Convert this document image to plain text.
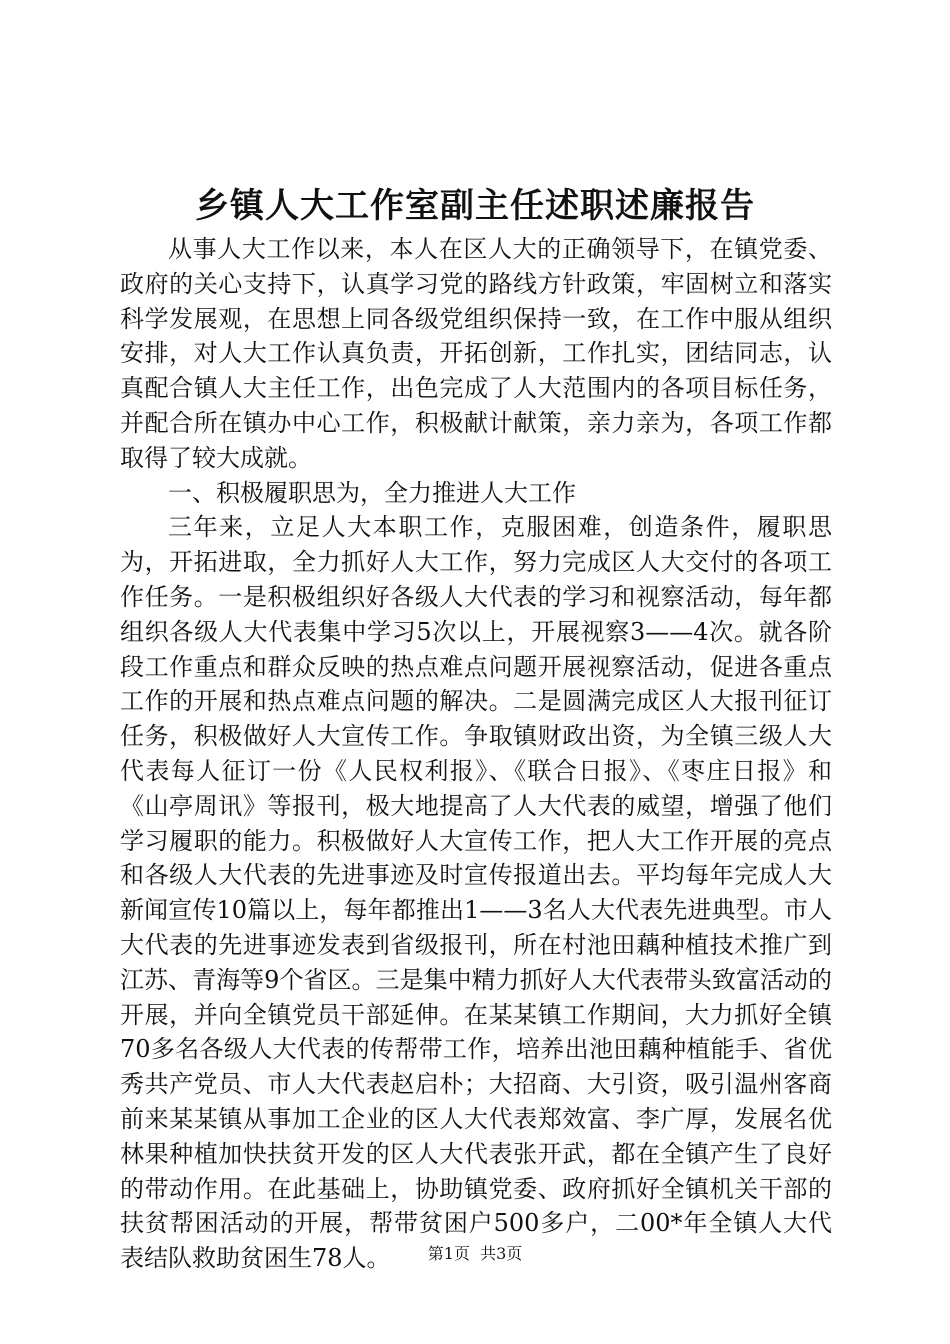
乡镇人大工作室副主任述职述廉报告

从事人大工作以来，本人在区人大的正确领导下，在镇党委、政府的关心支持下，认真学习党的路线方针政策，牢固树立和落实科学发展观，在思想上同各级党组织保持一致，在工作中服从组织安排，对人大工作认真负责，开拓创新，工作扎实，团结同志，认真配合镇人大主任工作，出色完成了人大范围内的各项目标任务，并配合所在镇办中心工作，积极献计献策，亲力亲为，各项工作都取得了较大成就。

一、积极履职思为，全力推进人大工作

三年来，立足人大本职工作，克服困难，创造条件，履职思为，开拓进取，全力抓好人大工作，努力完成区人大交付的各项工作任务。一是积极组织好各级人大代表的学习和视察活动，每年都组织各级人大代表集中学习5次以上，开展视察3——4次。就各阶段工作重点和群众反映的热点难点问题开展视察活动，促进各重点工作的开展和热点难点问题的解决。二是圆满完成区人大报刊征订任务，积极做好人大宣传工作。争取镇财政出资，为全镇三级人大代表每人征订一份《人民权利报》、《联合日报》、《枣庄日报》和《山亭周讯》等报刊，极大地提高了人大代表的威望，增强了他们学习履职的能力。积极做好人大宣传工作，把人大工作开展的亮点和各级人大代表的先进事迹及时宣传报道出去。平均每年完成人大新闻宣传10篇以上，每年都推出1——3名人大代表先进典型。市人大代表的先进事迹发表到省级报刊，所在村池田藕种植技术推广到江苏、青海等9个省区。三是集中精力抓好人大代表带头致富活动的开展，并向全镇党员干部延伸。在某某镇工作期间，大力抓好全镇70多名各级人大代表的传帮带工作，培养出池田藕种植能手、省优秀共产党员、市人大代表赵启朴；大招商、大引资，吸引温州客商前来某某镇从事加工企业的区人大代表郑效富、李广厚，发展名优林果种植加快扶贫开发的区人大代表张开武，都在全镇产生了良好的带动作用。在此基础上，协助镇党委、政府抓好全镇机关干部的扶贫帮困活动的开展，帮带贫困户500多户，二00*年全镇人大代表结队救助贫困生78人。	第1页 共3页
